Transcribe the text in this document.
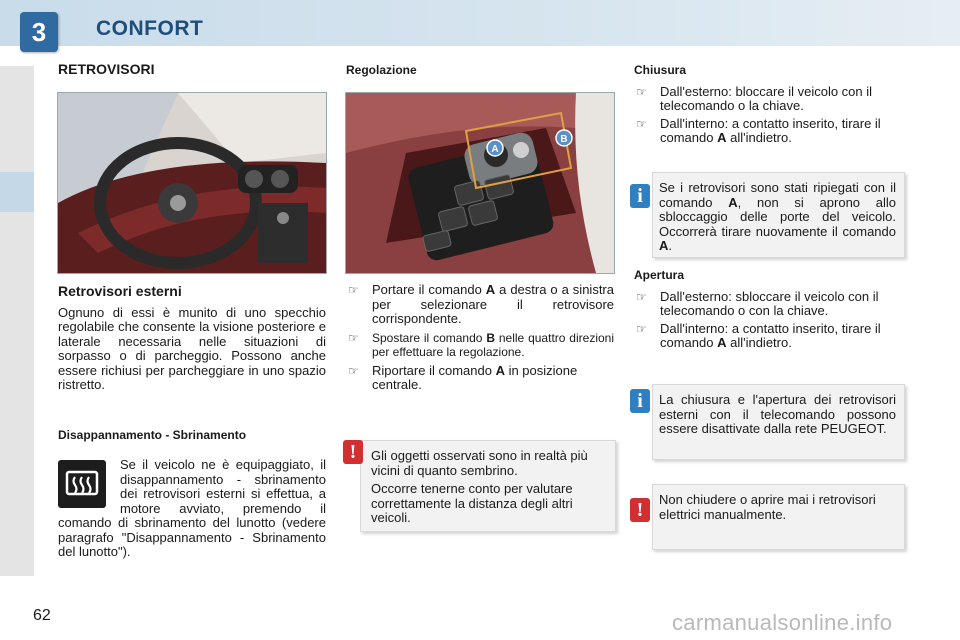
3	CONFORT
RETROVISORI
Retrovisori esterni
Ognuno di essi è munito di uno specchio regolabile che consente la visione posteriore e laterale necessaria nelle situazioni di sorpasso o di parcheggio. Possono anche essere richiusi per parcheggiare in uno spazio ristretto.
Disappannamento - Sbrinamento
Se il veicolo ne è equipaggiato, il disappannamento - sbrinamento dei retrovisori esterni si effettua, a motore avviato, premendo il comando di sbrinamento del lunotto (vedere paragrafo "Disappannamento - Sbrinamento del lunotto").
Regolazione
A
B
☞	Portare il comando A a destra o a sinistra per selezionare il retrovisore corrispondente.
☞	Spostare il comando B nelle quattro direzioni per effettuare la regolazione.
☞	Riportare il comando A in posizione centrale.
Gli oggetti osservati sono in realtà più vicini di quanto sembrino.
Occorre tenerne conto per valutare correttamente la distanza degli altri veicoli.
!
Chiusura
☞	Dall'esterno: bloccare il veicolo con il telecomando o la chiave.
☞	Dall'interno: a contatto inserito, tirare il comando A all'indietro.
Se i retrovisori sono stati ripiegati con il comando A, non si aprono allo sbloccaggio delle porte del veicolo. Occorrerà tirare nuovamente il comando A.
i
Apertura
☞	Dall'esterno: sbloccare il veicolo con il telecomando o con la chiave.
☞	Dall'interno: a contatto inserito, tirare il comando A all'indietro.
La chiusura e l'apertura dei retrovisori esterni con il telecomando possono essere disattivate dalla rete PEUGEOT.
i
Non chiudere o aprire mai i retrovisori elettrici manualmente.
!
62	carmanualsonline.info
